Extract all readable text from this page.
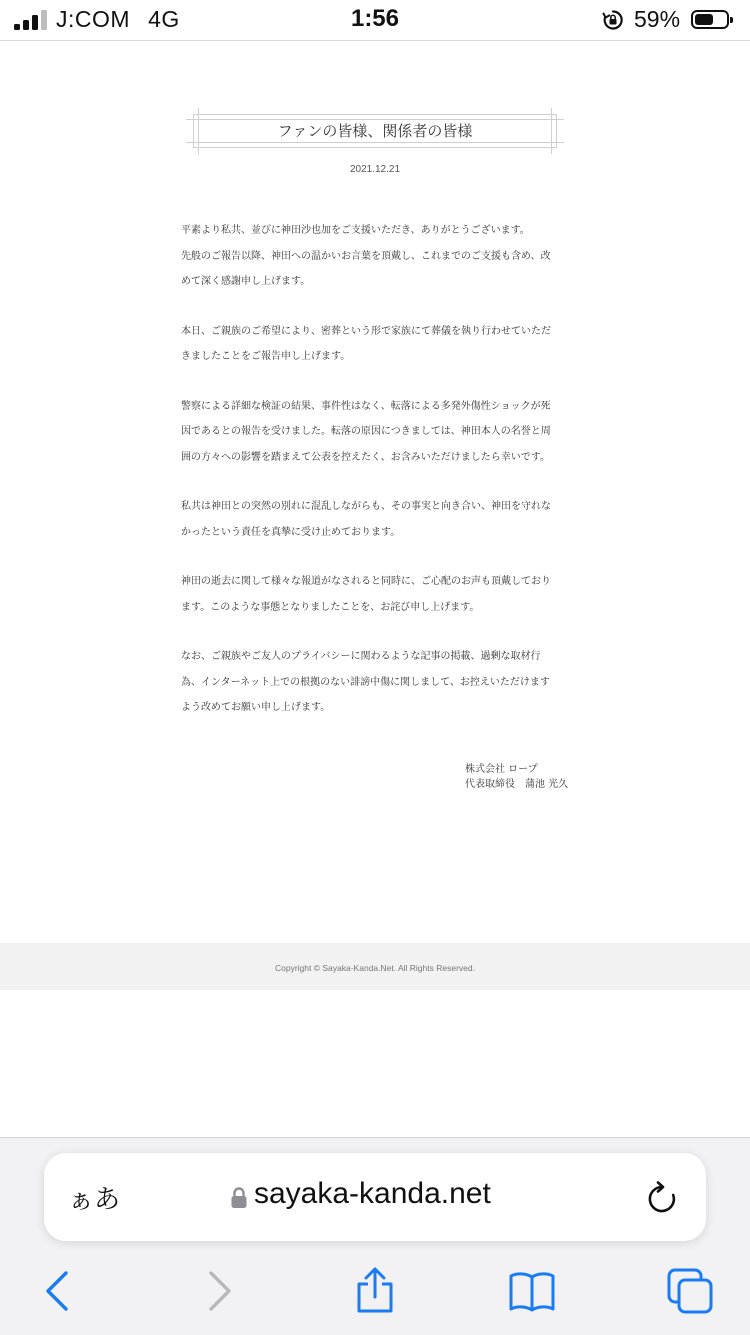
J:COM 4G	1:56	59%
ファンの皆様、関係者の皆様
2021.12.21

平素より私共、並びに神田沙也加をご支援いただき、ありがとうございます。

先般のご報告以降、神田への温かいお言葉を頂戴し、これまでのご支援も含め、改

めて深く感謝申し上げます。

本日、ご親族のご希望により、密葬という形で家族にて葬儀を執り行わせていただ

きましたことをご報告申し上げます。

警察による詳細な検証の結果、事件性はなく、転落による多発外傷性ショックが死

因であるとの報告を受けました。転落の原因につきましては、神田本人の名誉と周

囲の方々への影響を踏まえて公表を控えたく、お含みいただけましたら幸いです。

私共は神田との突然の別れに混乱しながらも、その事実と向き合い、神田を守れな

かったという責任を真摯に受け止めております。

神田の逝去に関して様々な報道がなされると同時に、ご心配のお声も頂戴しており

ます。このような事態となりましたことを、お詫び申し上げます。

なお、ご親族やご友人のプライバシーに関わるような記事の掲載、過剰な取材行

為、インターネット上での根拠のない誹謗中傷に関しまして、お控えいただけます

よう改めてお願い申し上げます。

株式会社 ロープ
代表取締役　蒲池 光久
Copyright © Sayaka-Kanda.Net. All Rights Reserved.
ぁあ	sayaka-kanda.net
